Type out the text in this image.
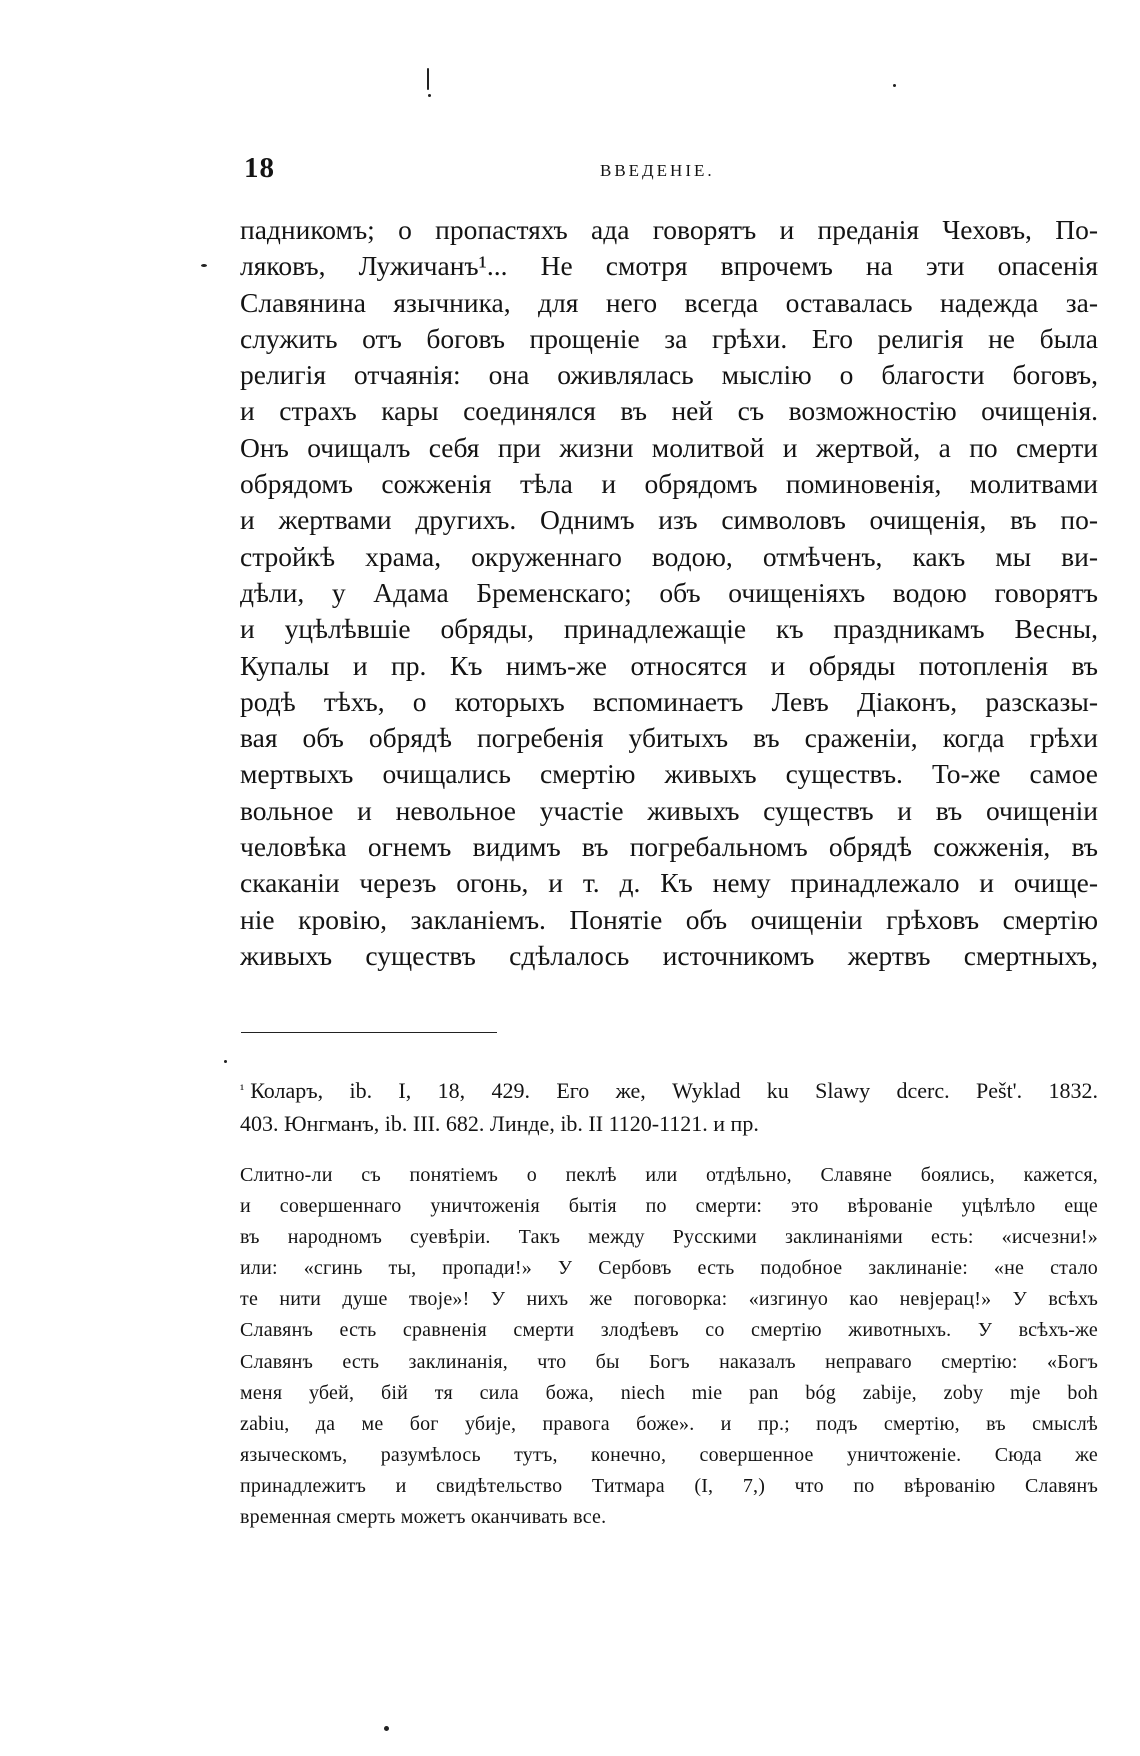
18	ВВЕДЕНІЕ.
падникомъ; о пропастяхъ ада говорятъ и преданія Чеховъ, По-
ляковъ, Лужичанъ¹... Не смотря впрочемъ на эти опасенія
Славянина язычника, для него всегда оставалась надежда за-
служить отъ боговъ прощеніе за грѣхи. Его религія не была
религія отчаянія: она оживлялась мыслію о благости боговъ,
и страхъ кары соединялся въ ней съ возможностію очищенія.
Онъ очищалъ себя при жизни молитвой и жертвой, а по смерти
обрядомъ сожженія тѣла и обрядомъ поминовенія, молитвами
и жертвами другихъ. Однимъ изъ символовъ очищенія, въ по-
стройкѣ храма, окруженнаго водою, отмѣченъ, какъ мы ви-
дѣли, у Адама Бременскаго; объ очищеніяхъ водою говорятъ
и уцѣлѣвшіе обряды, принадлежащіе къ праздникамъ Весны,
Купалы и пр. Къ нимъ-же относятся и обряды потопленія въ
родѣ тѣхъ, о которыхъ вспоминаетъ Левъ Діаконъ, разсказы-
вая объ обрядѣ погребенія убитыхъ въ сраженіи, когда грѣхи
мертвыхъ очищались смертію живыхъ существъ. То-же самое
вольное и невольное участіе живыхъ существъ и въ очищеніи
человѣка огнемъ видимъ въ погребальномъ обрядѣ сожженія, въ
скаканіи черезъ огонь, и т. д. Къ нему принадлежало и очище-
ніе кровію, закланіемъ. Понятіе объ очищеніи грѣховъ смертію
живыхъ существъ сдѣлалось источникомъ жертвъ смертныхъ,
$^{^1}$ Коларъ, ib. I, 18, 429. Его же, Wyklad ku Slawy dcerc. Pešt'. 1832.
403. Юнгманъ, ib. III. 682. Линде, ib. II 1120-1121. и пр.
Слитно-ли съ понятіемъ о пеклѣ или отдѣльно, Славяне боялись, кажется,
и совершеннаго уничтоженія бытія по смерти: это вѣрованіе уцѣлѣло еще
въ народномъ суевѣріи. Такъ между Русскими заклинаніями есть: «исчезни!»
или: «сгинь ты, пропади!» У Сербовъ есть подобное заклинаніе: «не стало
те нити душе твоjе»! У нихъ же поговорка: «изгинуо као невjерац!» У всѣхъ
Славянъ есть сравненія смерти злодѣевъ со смертію животныхъ. У всѣхъ-же
Славянъ есть заклинанія, что бы Богъ наказалъ неправаго смертію: «Богъ
меня убей, бій тя сила божа, niech mie pan bóg zabije, zoby mje boh
zabiu, да ме бог убиjе, правога боже». и пр.; подъ смертію, въ смыслѣ
языческомъ, разумѣлось тутъ, конечно, совершенное уничтоженіе. Сюда же
принадлежитъ и свидѣтельство Титмара (I, 7,) что по вѣрованію Славянъ
временная смерть можетъ оканчивать все.
